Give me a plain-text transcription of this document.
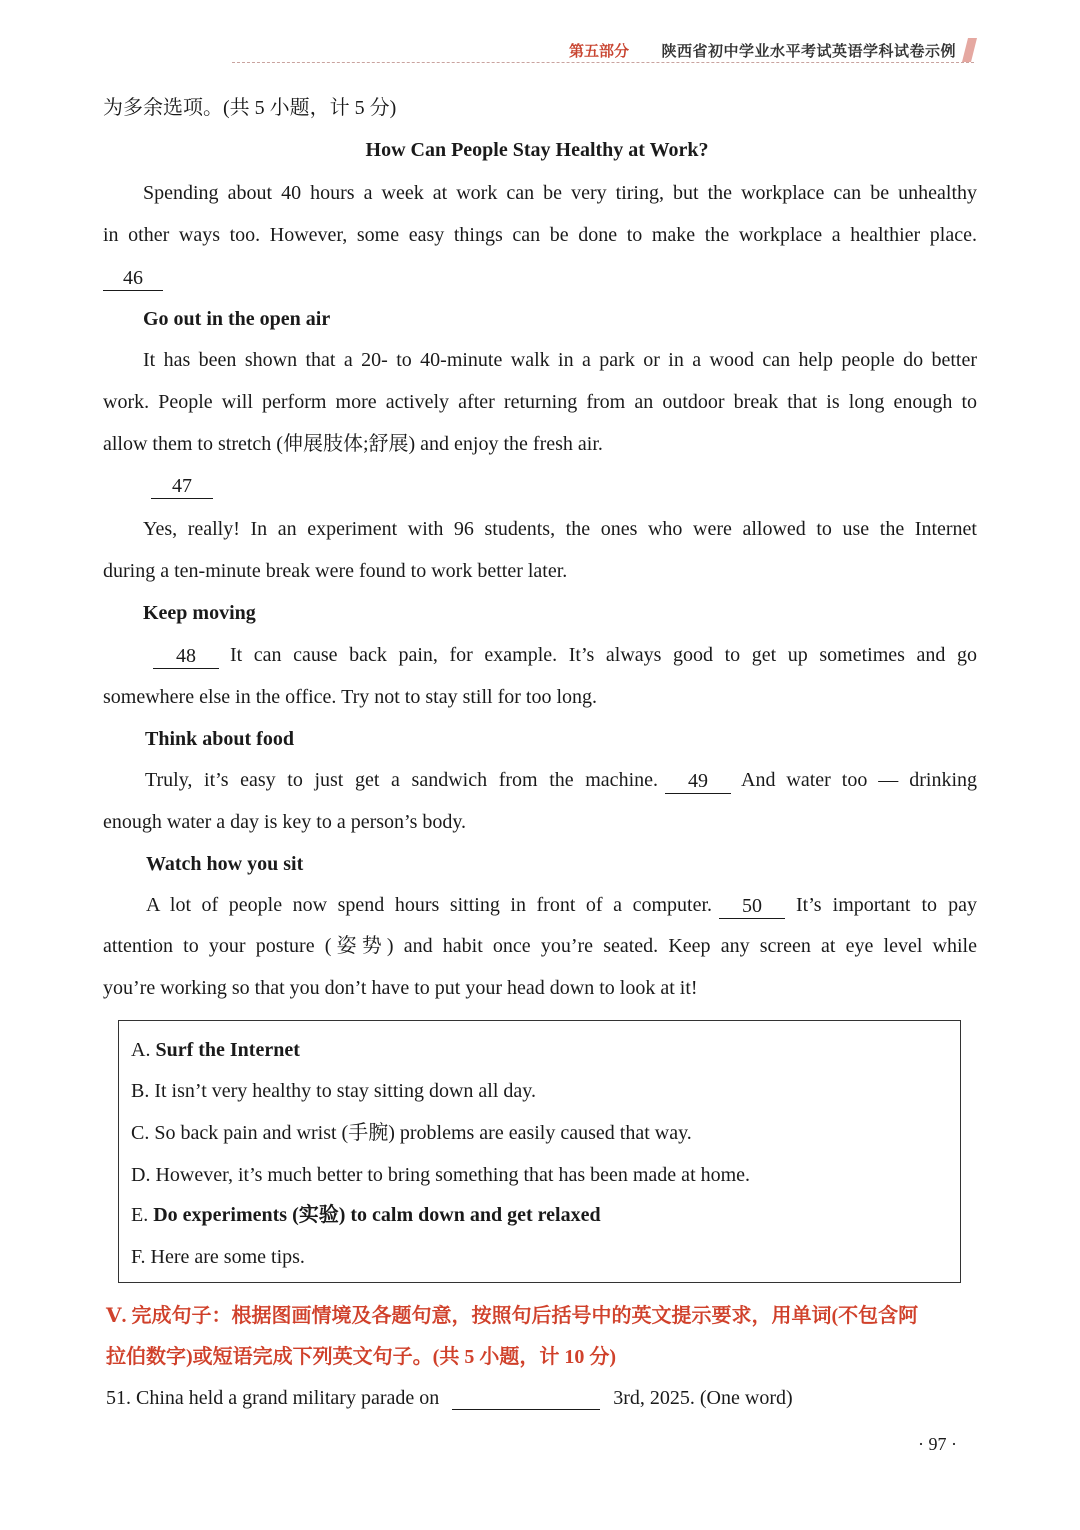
第五部分 陕西省初中学业水平考试英语学科试卷示例
为多余选项。(共 5 小题，计 5 分)
How Can People Stay Healthy at Work?
Spending about 40 hours a week at work can be very tiring, but the workplace can be unhealthy
in other ways too. However, some easy things can be done to make the workplace a healthier place.
46
Go out in the open air
It has been shown that a 20- to 40-minute walk in a park or in a wood can help people do better
work. People will perform more actively after returning from an outdoor break that is long enough to
allow them to stretch (伸展肢体;舒展) and enjoy the fresh air.
47
Yes, really! In an experiment with 96 students, the ones who were allowed to use the Internet
during a ten-minute break were found to work better later.
Keep moving
48	It can cause back pain, for example. It’s always good to get up sometimes and go
somewhere else in the office. Try not to stay still for too long.
Think about food
Truly, it’s easy to just get a sandwich from the machine.	49	And water too — drinking
enough water a day is key to a person’s body.
Watch how you sit
A lot of people now spend hours sitting in front of a computer.	50	It’s important to pay
attention to your posture (姿势) and habit once you’re seated. Keep any screen at eye level while
you’re working so that you don’t have to put your head down to look at it!
A. Surf the Internet
B. It isn’t very healthy to stay sitting down all day.
C. So back pain and wrist (手腕) problems are easily caused that way.
D. However, it’s much better to bring something that has been made at home.
E. Do experiments (实验) to calm down and get relaxed
F. Here are some tips.
Ⅴ. 完成句子：根据图画情境及各题句意，按照句后括号中的英文提示要求，用单词(不包含阿
拉伯数字)或短语完成下列英文句子。(共 5 小题，计 10 分)
51. China held a grand military parade on	3rd, 2025. (One word)
· 97 ·
